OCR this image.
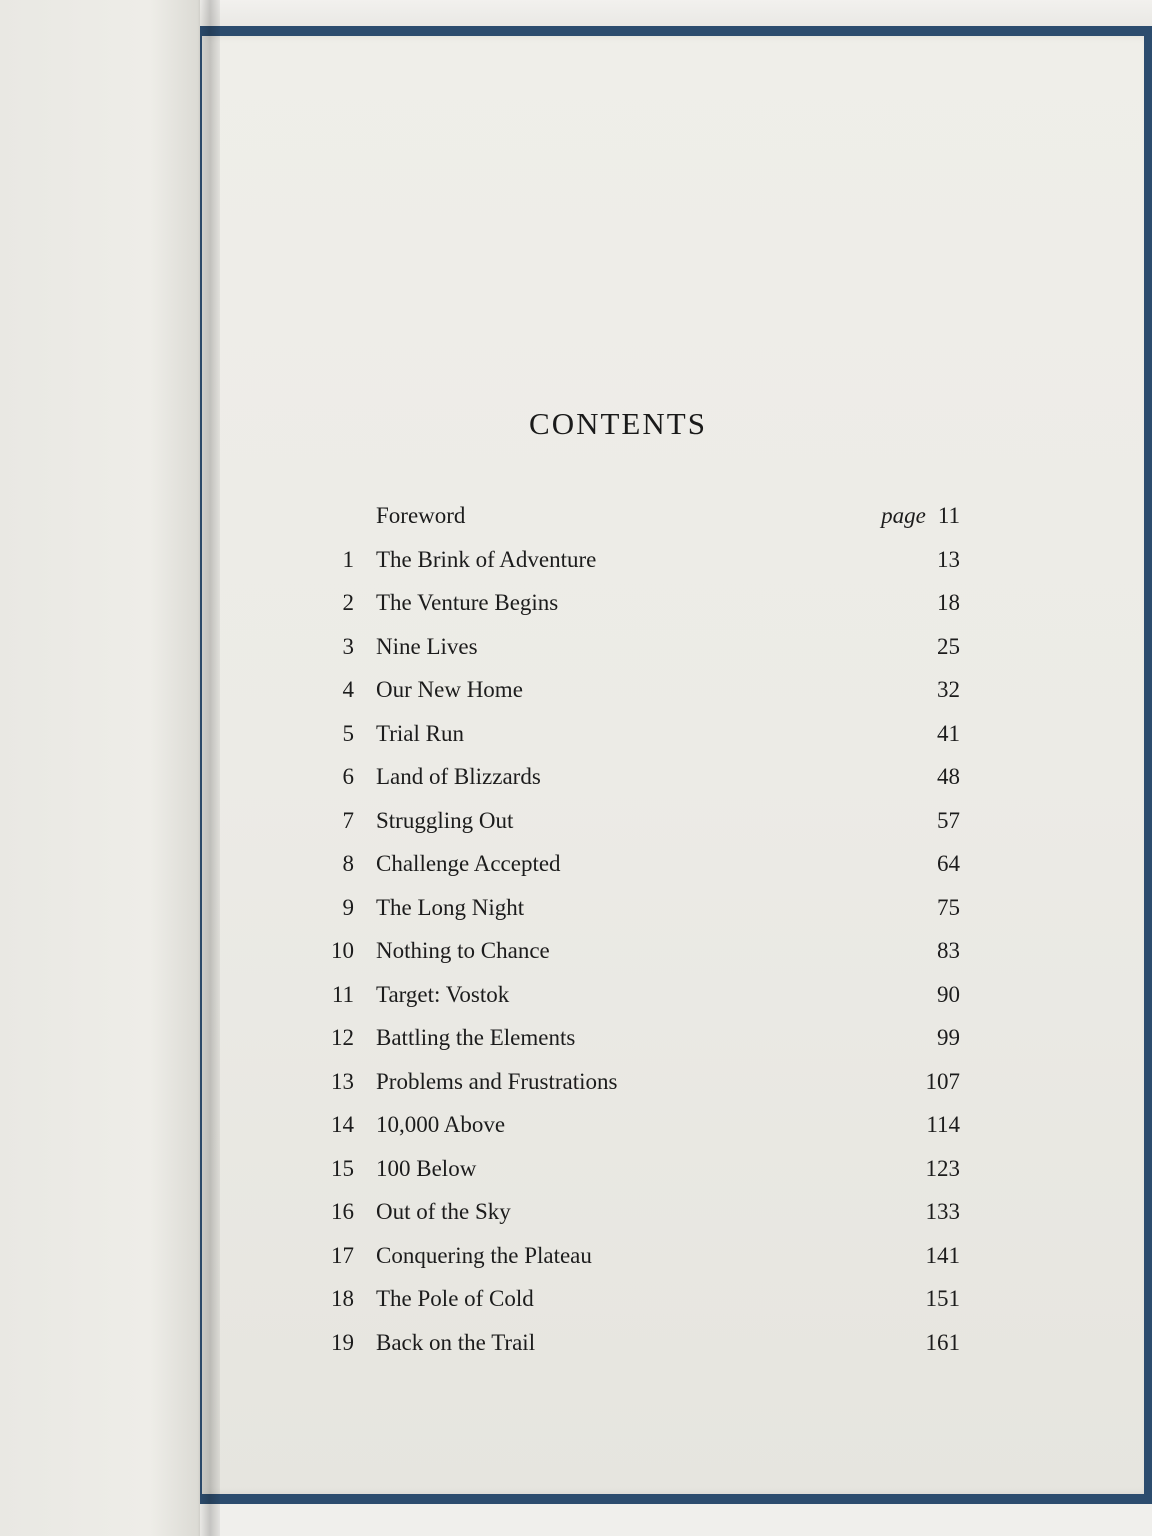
CONTENTS
Foreword	page 11
1 The Brink of Adventure	13
2 The Venture Begins	18
3 Nine Lives	25
4 Our New Home	32
5 Trial Run	41
6 Land of Blizzards	48
7 Struggling Out	57
8 Challenge Accepted	64
9 The Long Night	75
10 Nothing to Chance	83
11 Target: Vostok	90
12 Battling the Elements	99
13 Problems and Frustrations	107
14 10,000 Above	114
15 100 Below	123
16 Out of the Sky	133
17 Conquering the Plateau	141
18 The Pole of Cold	151
19 Back on the Trail	161
